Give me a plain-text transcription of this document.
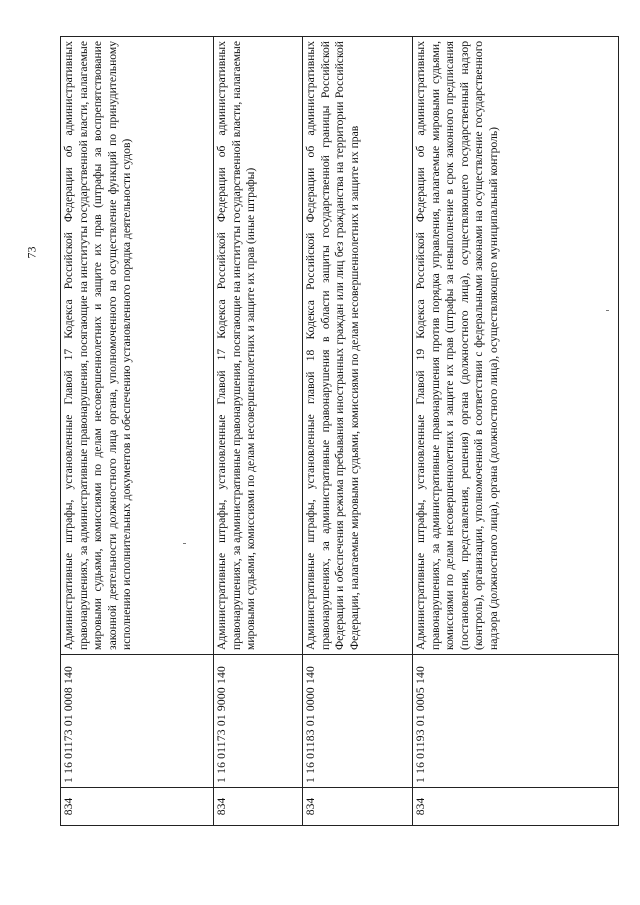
73
834	1 16 01173 01 0008 140	Административные штрафы, установленные Главой 17 Кодекса Российской Федерации об административных правонарушениях, за административные правонарушения, посягающие на институты государственной власти, налагаемые мировыми судьями, комиссиями по делам несовершеннолетних и защите их прав (штрафы за воспрепятствование законной деятельности должностного лица органа, уполномоченного на осуществление функций по принудительному исполнению исполнительных документов и обеспечению установленного порядка деятельности судов)
834	1 16 01173 01 9000 140	Административные штрафы, установленные Главой 17 Кодекса Российской Федерации об административных правонарушениях, за административные правонарушения, посягающие на институты государственной власти, налагаемые мировыми судьями, комиссиями по делам несовершеннолетних и защите их прав (иные штрафы)
834	1 16 01183 01 0000 140	Административные штрафы, установленные главой 18 Кодекса Российской Федерации об административных правонарушениях, за административные правонарушения в области защиты государственной границы Российской Федерации и обеспечения режима пребывания иностранных граждан или лиц без гражданства на территории Российской Федерации, налагаемые мировыми судьями, комиссиями по делам несовершеннолетних и защите их прав
834	1 16 01193 01 0005 140	Административные штрафы, установленные Главой 19 Кодекса Российской Федерации об административных правонарушениях, за административные правонарушения против порядка управления, налагаемые мировыми судьями, комиссиями по делам несовершеннолетних и защите их прав (штрафы за невыполнение в срок законного предписания (постановления, представления, решения) органа (должностного лица), осуществляющего государственный надзор (контроль), организации, уполномоченной в соответствии с федеральными законами на осуществление государственного надзора (должностного лица), органа (должностного лица), осуществляющего муниципальный контроль)
